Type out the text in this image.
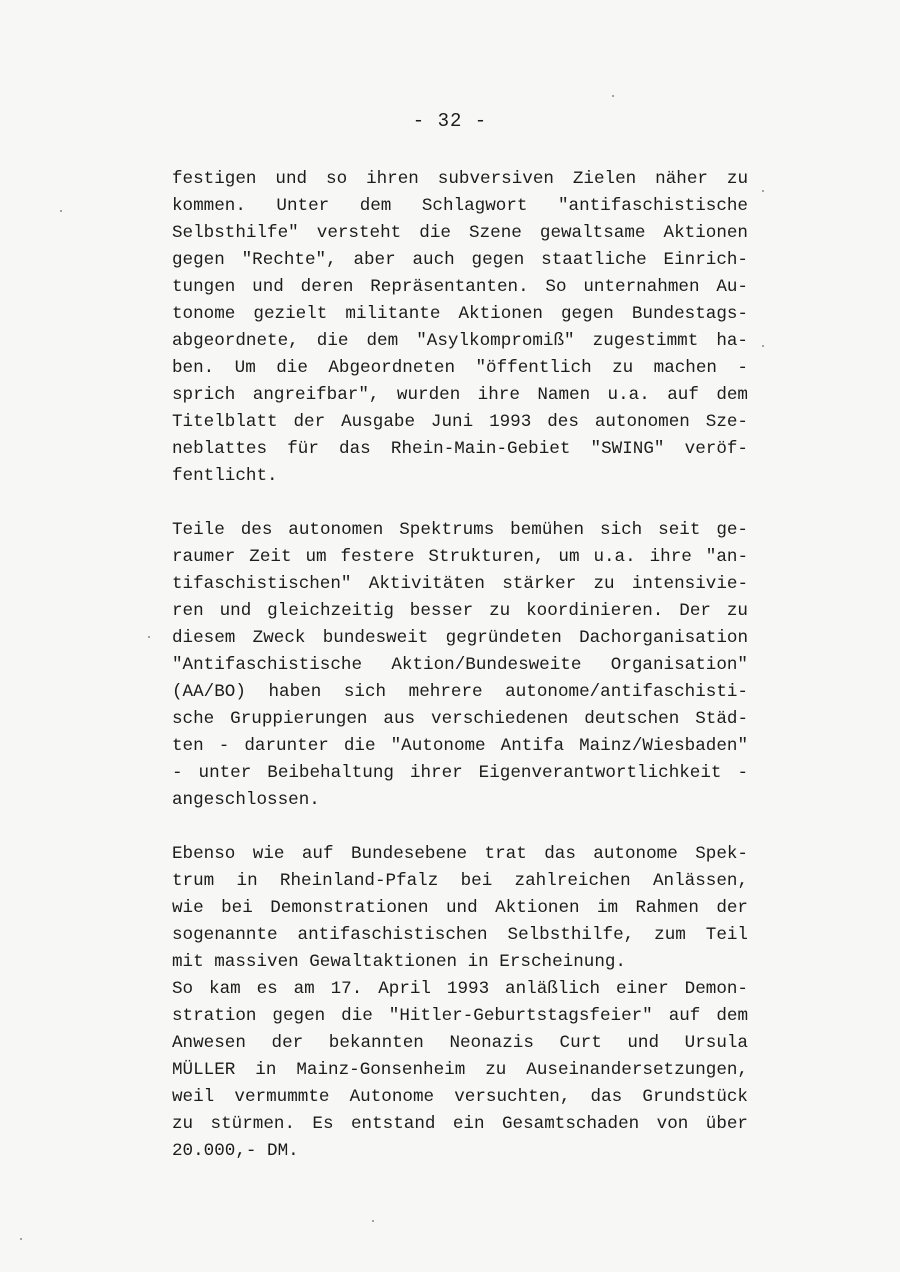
- 32 -
festigen und so ihren subversiven Zielen näher zu
kommen. Unter dem Schlagwort "antifaschistische
Selbsthilfe" versteht die Szene gewaltsame Aktionen
gegen "Rechte", aber auch gegen staatliche Einrich-
tungen und deren Repräsentanten. So unternahmen Au-
tonome gezielt militante Aktionen gegen Bundestags-
abgeordnete, die dem "Asylkompromiß" zugestimmt ha-
ben. Um die Abgeordneten "öffentlich zu machen -
sprich angreifbar", wurden ihre Namen u.a. auf dem
Titelblatt der Ausgabe Juni 1993 des autonomen Sze-
neblattes für das Rhein-Main-Gebiet "SWING" veröf-
fentlicht.
Teile des autonomen Spektrums bemühen sich seit ge-
raumer Zeit um festere Strukturen, um u.a. ihre "an-
tifaschistischen" Aktivitäten stärker zu intensivie-
ren und gleichzeitig besser zu koordinieren. Der zu
diesem Zweck bundesweit gegründeten Dachorganisation
"Antifaschistische Aktion/Bundesweite Organisation"
(AA/BO) haben sich mehrere autonome/antifaschisti-
sche Gruppierungen aus verschiedenen deutschen Städ-
ten - darunter die "Autonome Antifa Mainz/Wiesbaden"
- unter Beibehaltung ihrer Eigenverantwortlichkeit -
angeschlossen.
Ebenso wie auf Bundesebene trat das autonome Spek-
trum in Rheinland-Pfalz bei zahlreichen Anlässen,
wie bei Demonstrationen und Aktionen im Rahmen der
sogenannte antifaschistischen Selbsthilfe, zum Teil
mit massiven Gewaltaktionen in Erscheinung.
So kam es am 17. April 1993 anläßlich einer Demon-
stration gegen die "Hitler-Geburtstagsfeier" auf dem
Anwesen der bekannten Neonazis Curt und Ursula
MÜLLER in Mainz-Gonsenheim zu Auseinandersetzungen,
weil vermummte Autonome versuchten, das Grundstück
zu stürmen. Es entstand ein Gesamtschaden von über
20.000,- DM.
